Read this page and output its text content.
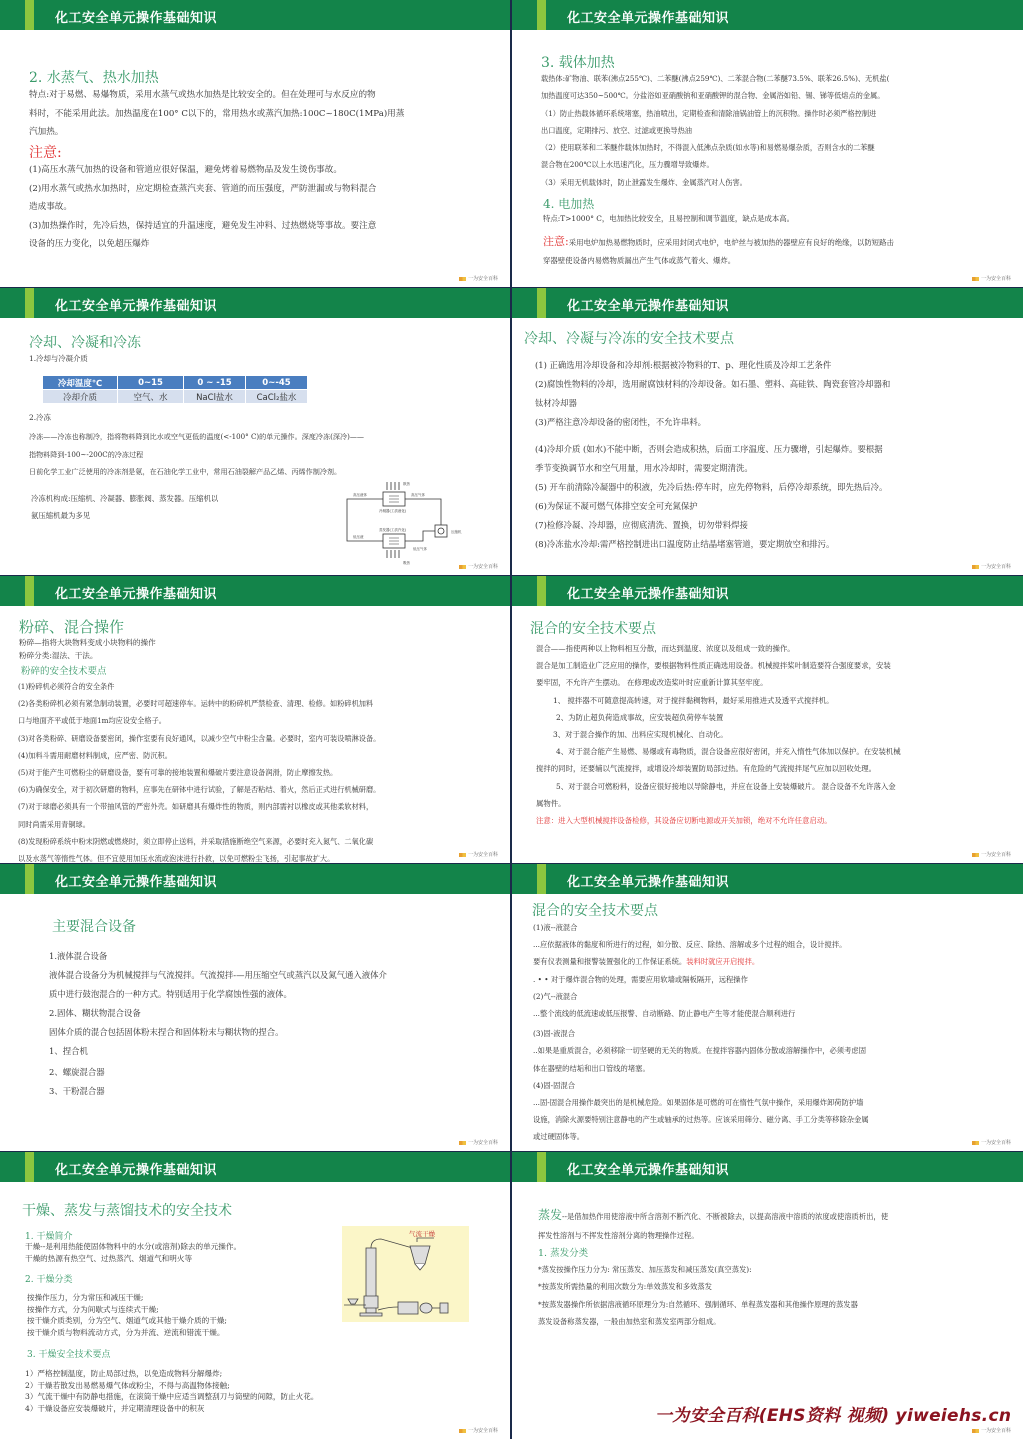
化工安全单元操作基础知识
2. 水蒸气、热水加热
特点:对于易燃、易爆物质，采用水蒸气或热水加热是比较安全的。但在处理可与水反应的物
料时，不能采用此法。加热温度在100° C以下的，常用热水或蒸汽加热:100C~180C(1MPa)用蒸
汽加热。
注意:
(1)高压水蒸气加热的设备和管道应很好保温，避免烤着易燃物品及发生烫伤事故。
(2)用水蒸气或热水加热时，应定期检查蒸汽夹套、管道的而压强度，严防泄漏或与物料混合
造成事故。
(3)加热操作时，先冷后热，保持适宜的升温速度，避免发生冲料、过热燃烧等事故。要注意
设备的压力变化，以免超压爆炸
一为安全百科
化工安全单元操作基础知识
3. 载体加热
载热体:矿物油、联苯(沸点255℃)、二苯醚(沸点259℃)、二苯混合物(二苯醚73.5%、联苯26.5%)、无机盐(
加热温度可达350~500℃。分盐浴如亚硝酸钠和亚硝酸钾的混合物、金属浴如铅、锡、锑等低熔点的金属。
（1）防止热载体循环系统堵塞，热油喷出，定期检查和清除油锅油管上的沉积物。操作时必须严格控制进
出口温度，定期排污、放空、过滤或更换导热油
（2）使用联苯和二苯醚作载体加热时，不得混入低沸点杂质(如水等)和易燃易爆杂质，否则含水的二苯醚
混合物在200℃以上水迅速汽化，压力骤增导致爆炸。
（3）采用无机载体时，防止泄露发生爆炸、金属蒸汽对人伤害。
4. 电加热
特点:T>1000° C，电加热比较安全，且易控制和调节温度，缺点是成本高。
注意:采用电炉加热易燃物质时，应采用封闭式电炉，电炉丝与被加热的器壁应有良好的绝缘，以防短路击
穿器壁使设备内易燃物质漏出产生气体或蒸气着火、爆炸。
一为安全百科
化工安全单元操作基础知识
冷却、冷凝和冷冻
1.冷却与冷凝介质
冷却温度℃	0~15	0 ~ -15	0~-45
冷却介质	空气、水	NaCl盐水	CaCl₂盐水
2.冷冻
冷冻——冷冻也称制冷，指将物料降到比水或空气更低的温度(<-100° C)的单元操作。深度冷冻(深冷)——
指物料降到-100~-200C的冷冻过程
日前化学工业广泛使用的冷冻剂是氨，在石油化学工业中，常用石油裂解产品乙烯、丙烯作制冷剂。
冷冻机构成:压缩机、冷凝器、膨胀阀、蒸发器。压缩机以
氨压缩机最为多见
高压液体	高压气体
冷凝器(工质液化)
蒸发器(工质汽化)	压缩机
低压液
低压气体
散热
吸热
一为安全百科
化工安全单元操作基础知识
冷却、冷凝与冷冻的安全技术要点
(1) 正确选用冷却设备和冷却剂:根据被冷物料的T、p、理化性质及冷却工艺条件
(2)腐蚀性物料的冷却，选用耐腐蚀材料的冷却设备。如石墨、塑料、高硅铁、陶瓷套管冷却器和
钛材冷却器
(3)严格注意冷却设备的密闭性，不允许串料。
(4)冷却介质 (如水)不能中断，否则会造成积热，后面工序温度、压力骤增，引起爆炸。要根据
季节变换调节水和空气用量，用水冷却时，需要定期清洗。
(5) 开车前清除冷凝器中的积液，先冷后热:停车时，应先停物料，后停冷却系统，即先热后冷。
(6)为保证不凝可燃气体排空安全可充氮保护
(7)检修冷凝、冷却器，应彻底清洗、置换，切勿带料焊接
(8)冷冻盐水冷却:需严格控制进出口温度防止结晶堵塞管道，要定期放空和排污。
一为安全百科
化工安全单元操作基础知识
粉碎、混合操作
粉碎—指将大块物料变成小块物料的操作
粉碎分类:湿法、干法。
粉碎的安全技术要点
(1)粉碎机必须符合的安全条件
(2)各类粉碎机必须有紧急制动装置，必要时可超速停车。运转中的粉碎机严禁检查、清理、检修。如粉碎机加料
口与地面齐平或低于地面1m均应设安全格子。
(3)对各类粉碎、研磨设备要密闭，操作室要有良好通风，以减少空气中粉尘含量。必要时，室内可装设喷淋设备。
(4)加料斗需用耐磨材料制成，应严密、防沉积。
(5)对于能产生可燃粉尘的研磨设备，要有可靠的接地装置和爆破片要注意设备润滑，防止摩擦发热。
(6)为确保安全，对于初次研磨的物料，应事先在研钵中进行试验，了解是否粘结、着火，然后正式进行机械研磨。
(7)对于球磨必须具有一个带抽风管的严密外壳。如研磨具有爆炸性的物质，则内部需衬以橡皮或其他柔软材料，
同时尚需采用青铜球。
(8)发现粉碎系统中粉末阴燃或燃烧时，须立即停止送料，并采取措施断绝空气来源，必要时充入氮气、二氧化碳
以及水蒸气等惰性气体。但不宜使用加压水流或泡沫进行扑救，以免可燃粉尘飞扬，引起事故扩大。	一为安全百科
化工安全单元操作基础知识
混合的安全技术要点
混合——指使两种以上物料相互分散，而达到温度、浓度以及组成一致的操作。
混合是加工制造业广泛应用的操作，要根据物料性质正确选用设备。机械搅拌桨叶制造要符合强度要求，安装
要牢固，不允许产生摆动。 在修理或改造桨叶时应重新计算其坚牢度。
1、 搅拌器不可随意提高转速，对于搅拌黏稠物料，最好采用推进式及透平式搅拌机。
2、为防止超负荷造成事故，应安装超负荷停车装置
3、对于混合操作的加、出料应实现机械化、自动化。
4、对于混合能产生易燃、易爆或有毒物质，混合设备应很好密闭，并充入惰性气体加以保护。在安装机械
搅拌的同时，还要辅以气流搅拌，或增设冷却装置防局部过热。有危险的气流搅拌尾气应加以回收处理。
5、对于混合可燃粉料，设备应很好接地以导除静电，并应在设备上安装爆破片。 混合设备不允许落入金
属物件。
注意：进入大型机械搅拌设备检修，其设备应切断电源或开关加锁，绝对不允许任意启动。
一为安全百科
化工安全单元操作基础知识
主要混合设备
1.液体混合设备
液体混合设备分为机械搅拌与气流搅拌。气流搅拌-—用压缩空气或蒸汽以及氮气通入液体介
质中进行鼓泡混合的一种方式。特别适用于化学腐蚀性强的液体。
2.固体、糊状物混合设备
固体介质的混合包括固体粉末捏合和固体粉末与糊状物的捏合。
1、捏合机
2、螺旋混合器
3、干粉混合器
一为安全百科
化工安全单元操作基础知识
混合的安全技术要点
(1)液--液混合
...应依据液体的黏度和所进行的过程，如分散、反应、除热、溶解或多个过程的组合，设计搅拌。
要有仪表测量和报警装置强化的工作保证系统。装料时就应开启搅拌。
. • • 对于爆炸混合物的处理，需要应用软墙或隔板隔开，远程操作
(2)气--液混合
...整个流线的低流速或低压报警、自动断路、防止静电产生等才能使混合顺利进行
(3)固-液混合
..如果是重质混合，必须移除一切坚硬的无关的物质。在搅拌容器内固体分散或溶解操作中，必须考虑固
体在器壁的结垢和出口管线的堵塞。
(4)固-固混合
...固-固混合用操作最突出的是机械危险。如果固体是可燃的可在惰性气氛中操作，采用爆炸卸荷防护墙
设施，消除火源要特别注意静电的产生或轴承的过热等。应该采用筛分、磁分离、手工分类等移除杂金属
或过硬固体等。
一为安全百科
化工安全单元操作基础知识
干燥、蒸发与蒸馏技术的安全技术
1. 干燥简介
干燥--是利用热能使固体物料中的水分(或溶剂)除去的单元操作。
干燥的热源有热空气、过热蒸汽、烟道气和明火等
2. 干燥分类
按操作压力，分为常压和减压干燥;
按操作方式，分为间歇式与连续式干燥;
按干燥介质类别，分为空气、烟道气或其他干燥介质的干燥;
按干燥介质与物料流动方式，分为并流、逆流和错流干燥。
3. 干燥安全技术要点
1）严格控制温度，防止局部过热，以免造成物料分解爆炸;
2）干燥若散发出易燃易爆气体或粉尘，不得与高温物体接触;
3）气流干燥中有防静电措施，在滚筒干燥中应适当调整刮刀与筒壁的间隙，防止火花。
4）干燥设备应安装爆破片，并定期清理设备中的积灰
气流干燥
一为安全百科
化工安全单元操作基础知识
蒸发--是借加热作用使溶液中所含溶剂不断汽化、不断被除去，以提高溶液中溶质的浓度或使溶质析出，使
挥发性溶剂与不挥发性溶剂分离的物理操作过程。
1. 蒸发分类
*蒸发按操作压力分为: 常压蒸发、加压蒸发和减压蒸发(真空蒸发):
*按蒸发所需热量的利用次数分为:单效蒸发和多效蒸发
*按蒸发器操作所依据溶液循环原理分为:自然循环、强制循环、单程蒸发器和其他操作原理的蒸发器
蒸发设备称蒸发器，一般由加热室和蒸发室两部分组成。
一为安全百科(EHS资料 视频) yiweiehs.cn
一为安全百科
